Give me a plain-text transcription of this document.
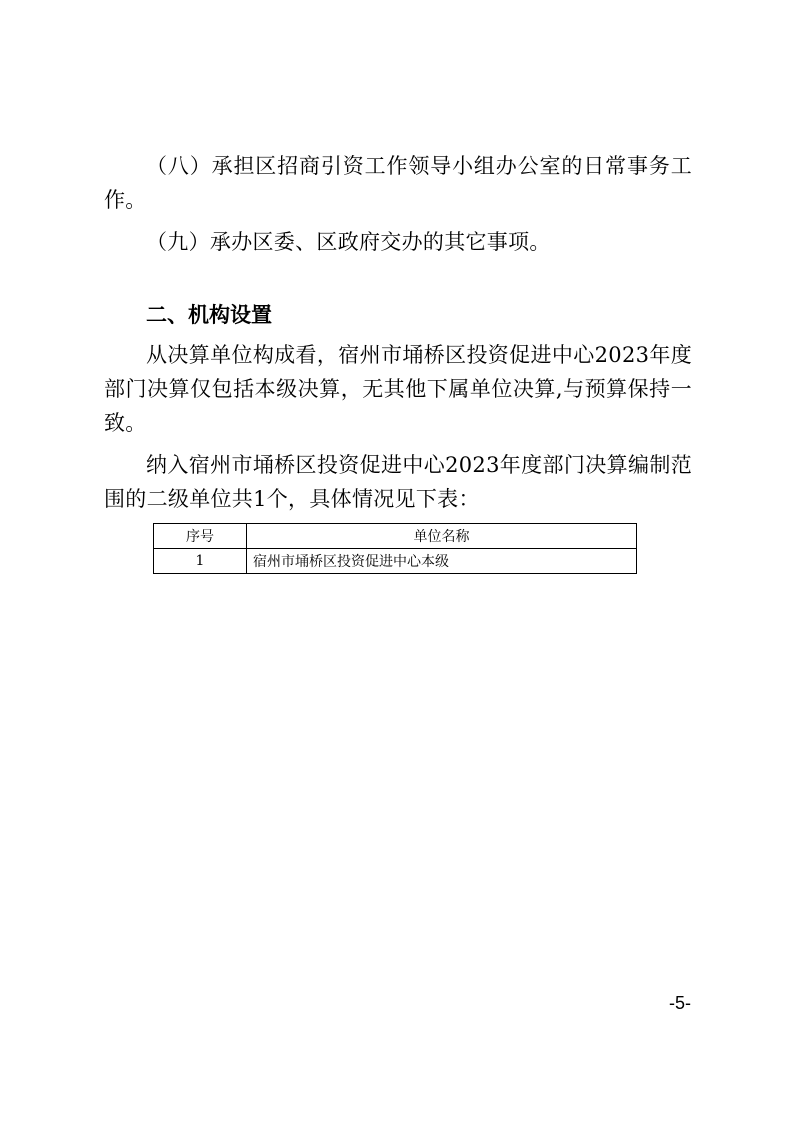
（八）承担区招商引资工作领导小组办公室的日常事务工作。

（九）承办区委、区政府交办的其它事项。

二、机构设置

从决算单位构成看，宿州市埇桥区投资促进中心2023年度部门决算仅包括本级决算，无其他下属单位决算,与预算保持一致。

纳入宿州市埇桥区投资促进中心2023年度部门决算编制范围的二级单位共1个，具体情况见下表：

序号	单位名称
1	宿州市埇桥区投资促进中心本级
-5-
